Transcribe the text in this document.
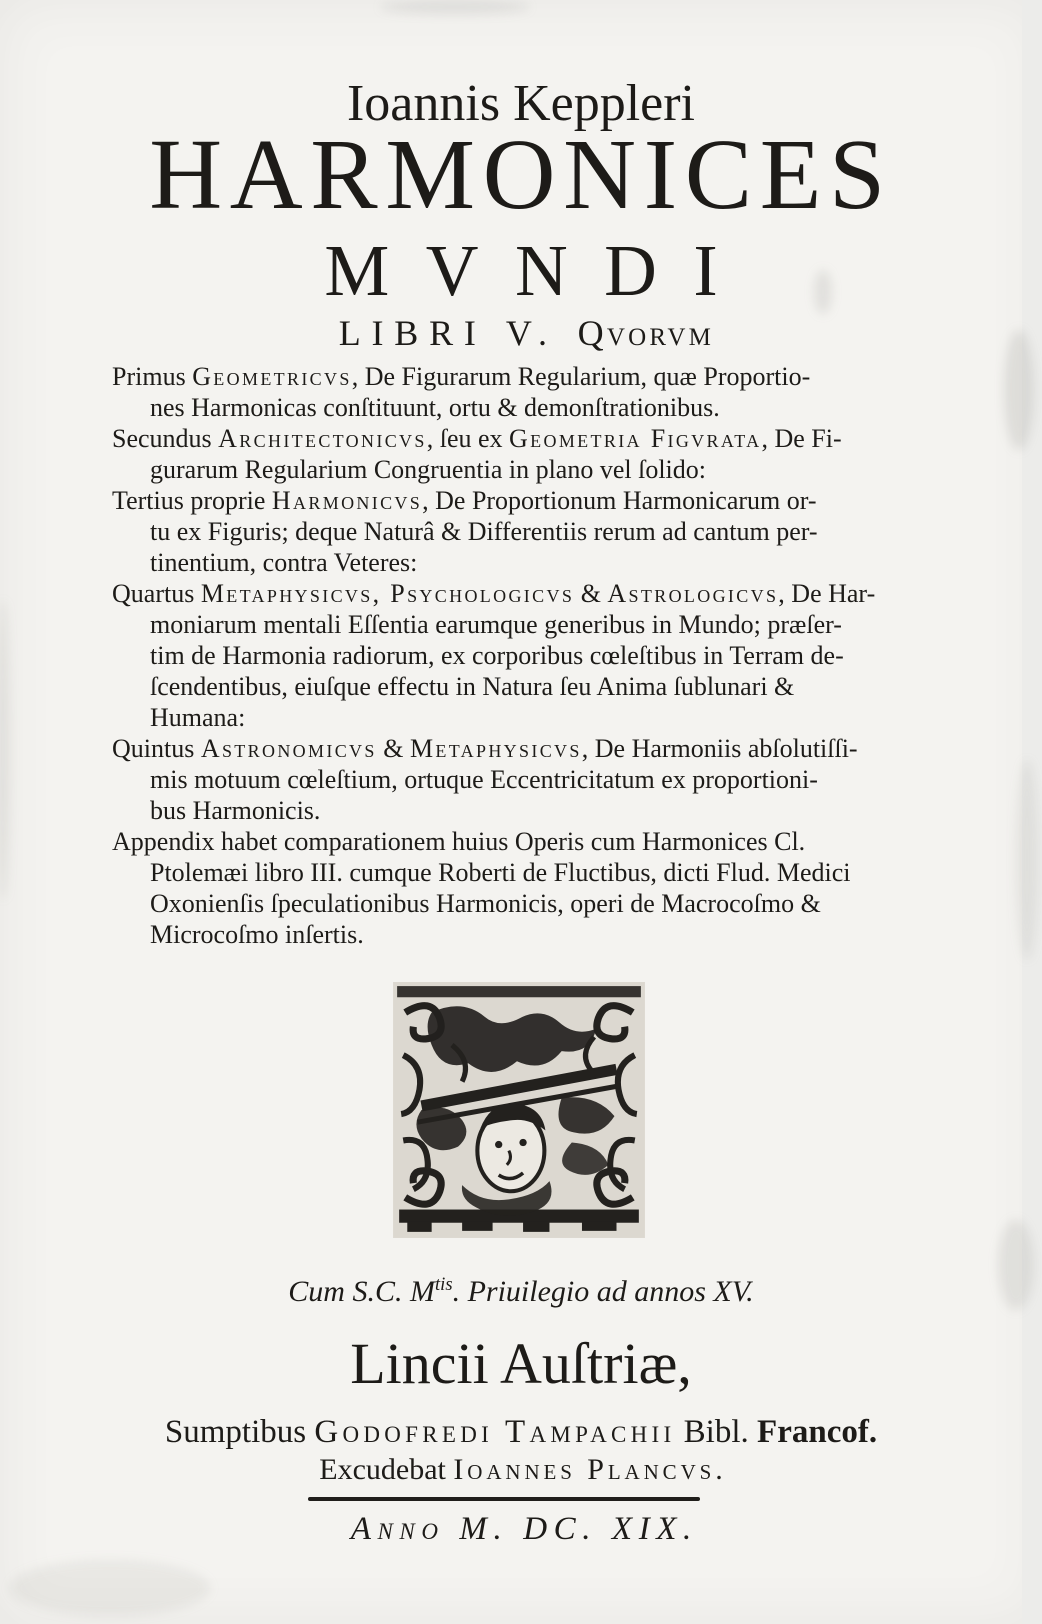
Ioannis Keppleri
HARMONICES
MVNDI
LIBRI V. Qvorvm
Primus Geometricvs, De Figurarum Regularium, quæ Proportio-
nes Harmonicas conſtituunt, ortu & demonſtrationibus.
Secundus Architectonicvs, ſeu ex Geometria Figvrata, De Fi-
gurarum Regularium Congruentia in plano vel ſolido:
Tertius proprie Harmonicvs, De Proportionum Harmonicarum or-
tu ex Figuris; deque Naturâ & Differentiis rerum ad cantum per-
tinentium, contra Veteres:
Quartus Metaphysicvs, Psychologicvs & Astrologicvs, De Har-
moniarum mentali Eſſentia earumque generibus in Mundo; præſer-
tim de Harmonia radiorum, ex corporibus cœleſtibus in Terram de-
ſcendentibus, eiuſque effectu in Natura ſeu Anima ſublunari &
Humana:
Quintus Astronomicvs & Metaphysicvs, De Harmoniis abſolutiſſi-
mis motuum cœleſtium, ortuque Eccentricitatum ex proportioni-
bus Harmonicis.
Appendix habet comparationem huius Operis cum Harmonices Cl.
Ptolemæi libro III. cumque Roberti de Fluctibus, dicti Flud. Medici
Oxonienſis ſpeculationibus Harmonicis, operi de Macrocoſmo &
Microcoſmo inſertis.
Cum S.C. $M^{tis}$. Priuilegio ad annos XV.
Lincii Auſtriæ,
Sumptibus Godofredi Tampachii Bibl. Francof.
Excudebat Ioannes Plancvs.
Anno M. DC. XIX.
